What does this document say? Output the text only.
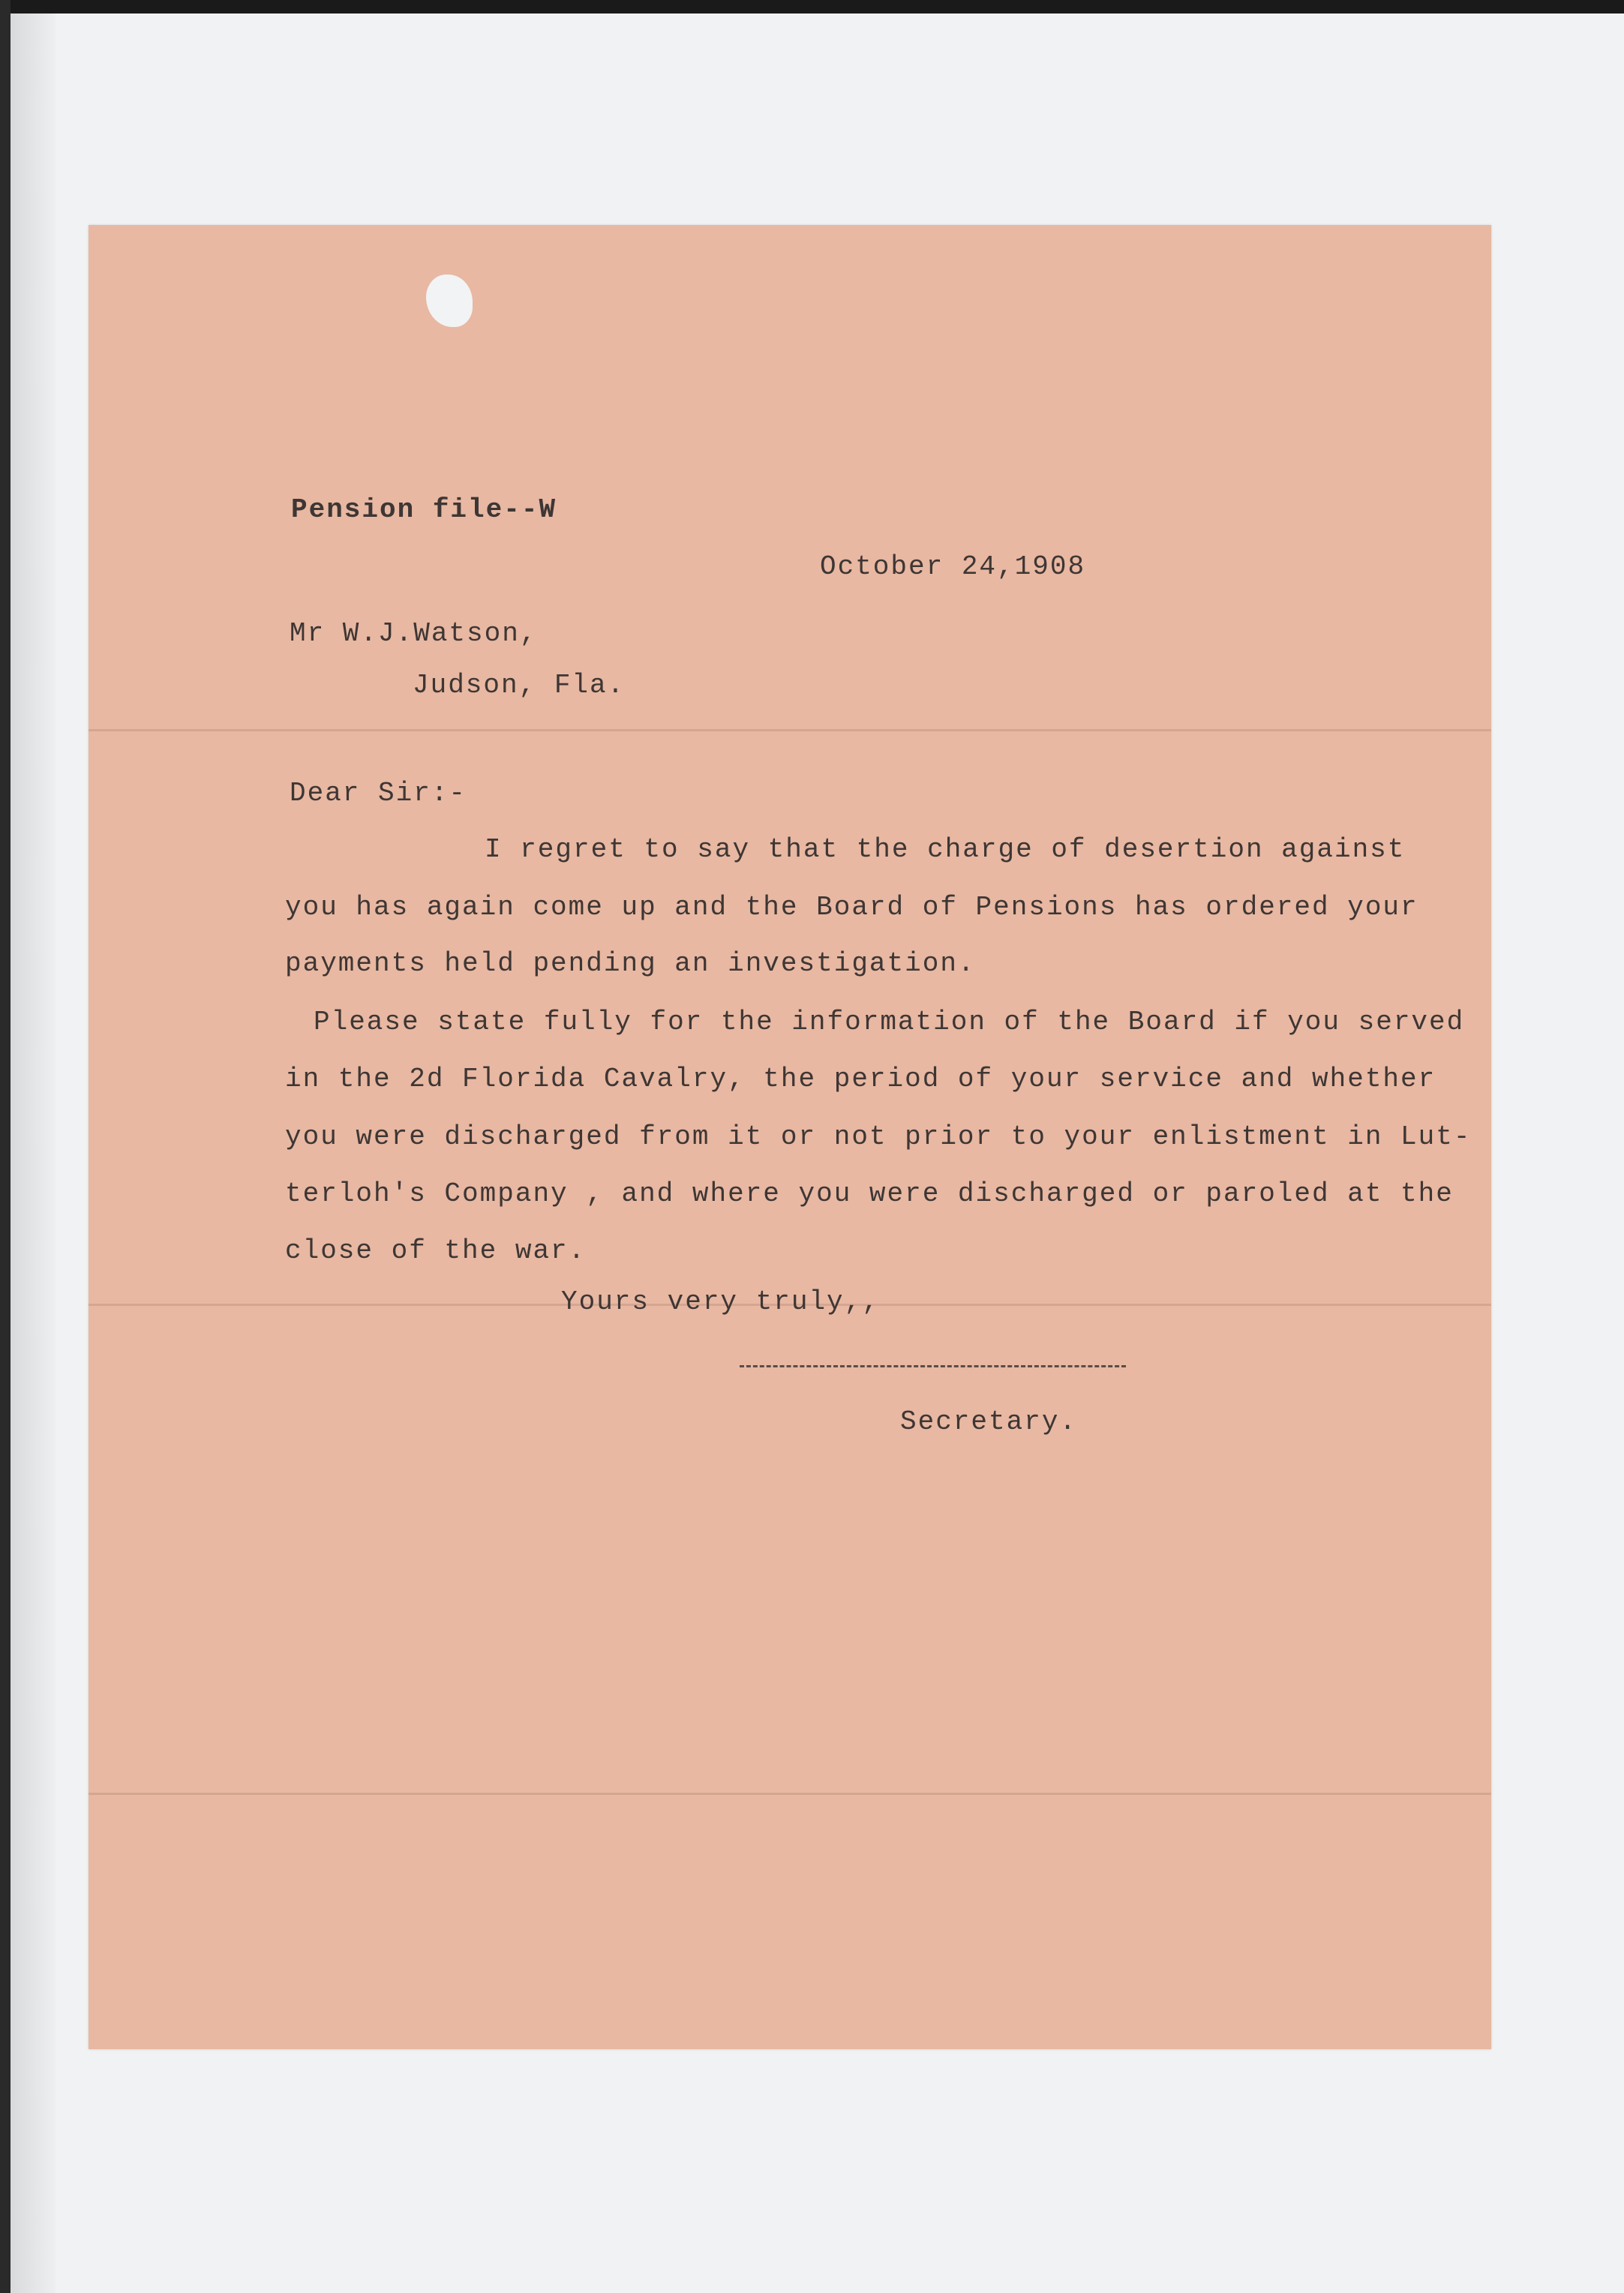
Pension file--W
October 24,1908
Mr W.J.Watson,
Judson, Fla.
Dear Sir:-
I regret to say that the charge of desertion against
you has again come up and the Board of Pensions has ordered your
payments held pending an investigation.
Please state fully for the information of the Board if you served
in the 2d Florida Cavalry, the period of your service and whether
you were discharged from it or not prior to your enlistment in Lut-
terloh's Company , and where you were discharged or paroled at the
close of the war.
Yours very truly,,
Secretary.
